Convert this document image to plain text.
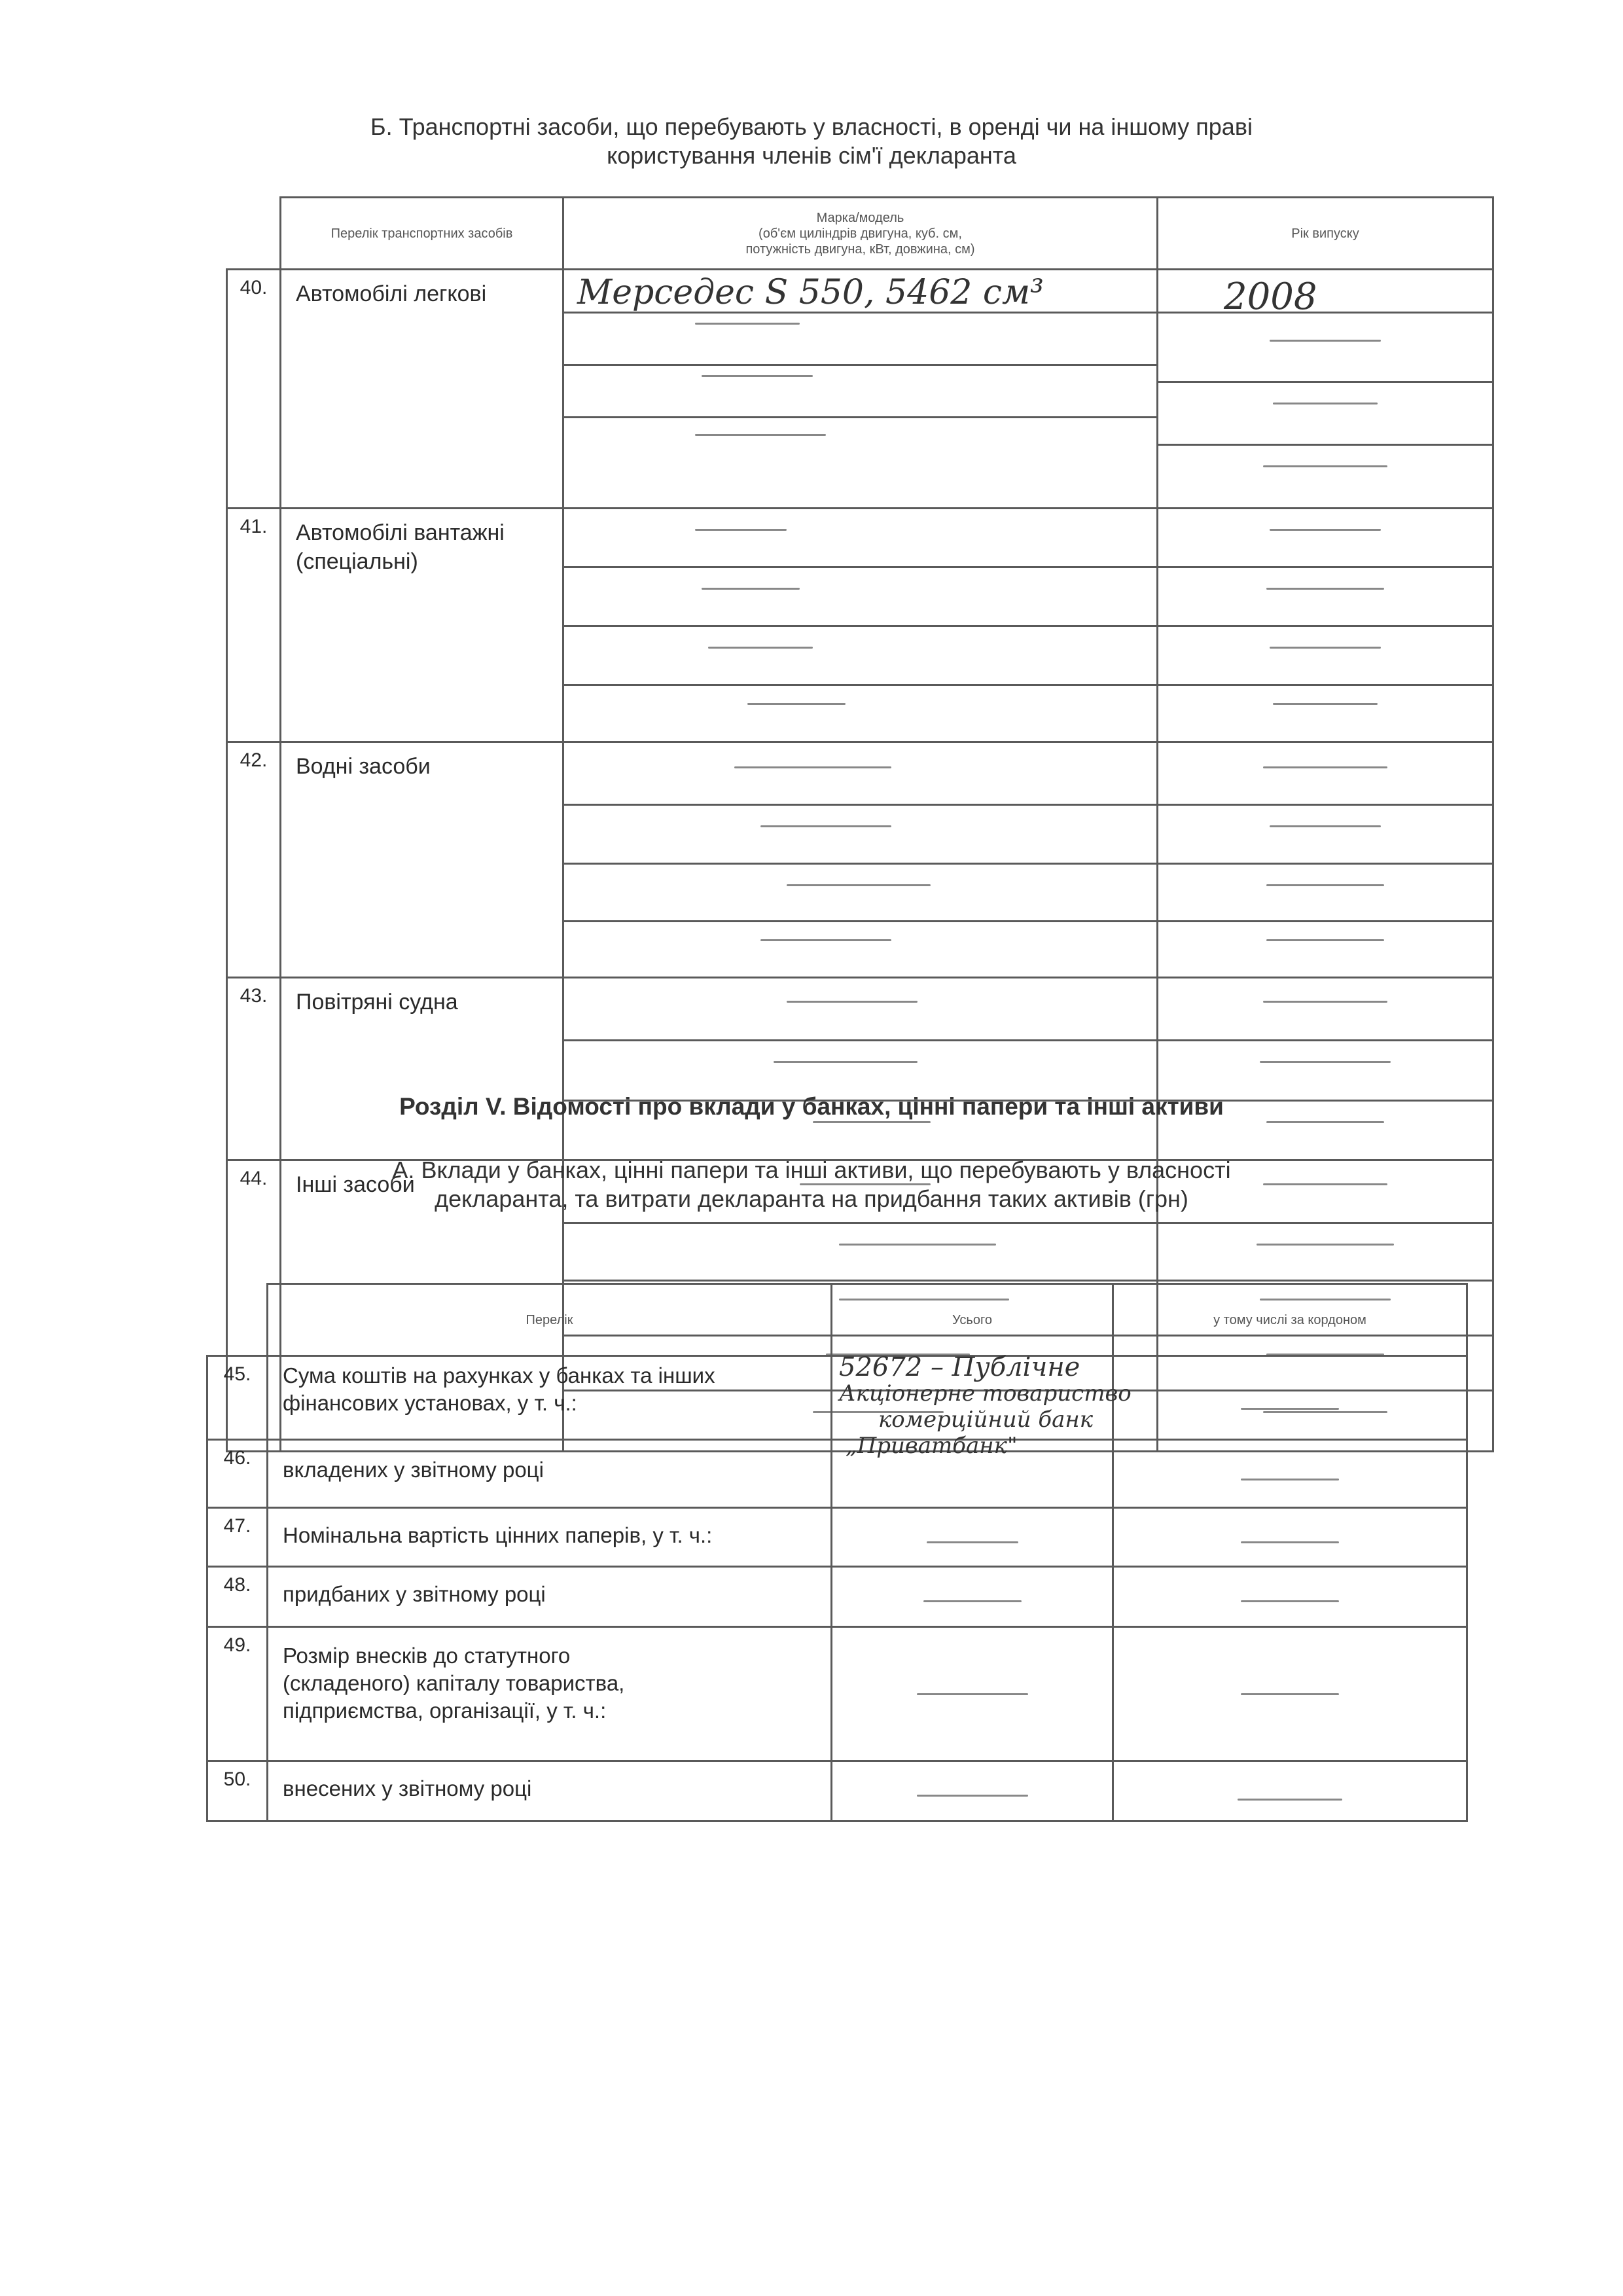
Б. Транспортні засоби, що перебувають у власності, в оренді чи на іншому праві
користування членів сім'ї декларанта
	Перелік транспортних засобів	Марка/модель
(об'єм циліндрів двигуна, куб. см,
потужність двигуна, кВт, довжина, см)	Рік випуску
40.	Автомобілі легкові	Мерседес S 550, 5462 см³	2008

41.	Автомобілі вантажні (спеціальні)	

42.	Водні засоби	

43.	Повітряні судна	

44.	Інші засоби	

Розділ V. Відомості про вклади у банках, цінні папери та інші активи
А. Вклади у банках, цінні папери та інші активи, що перебувають у власності
декларанта, та витрати декларанта на придбання таких активів (грн)
	Перелік	Усього	у тому числі за кордоном
45.	Сума коштів на рахунках у банках та інших фінансових установах, у т. ч.:	52672 – Публічне
Акціонерне товариство
комерційний банк
„Приватбанк"	

46.	вкладених у звітному році		

47.	Номінальна вартість цінних паперів, у т. ч.:	

48.	придбаних у звітному році	

49.	Розмір внесків до статутного (складеного) капіталу товариства, підприємства, організації, у т. ч.:	

50.	внесених у звітному році	
